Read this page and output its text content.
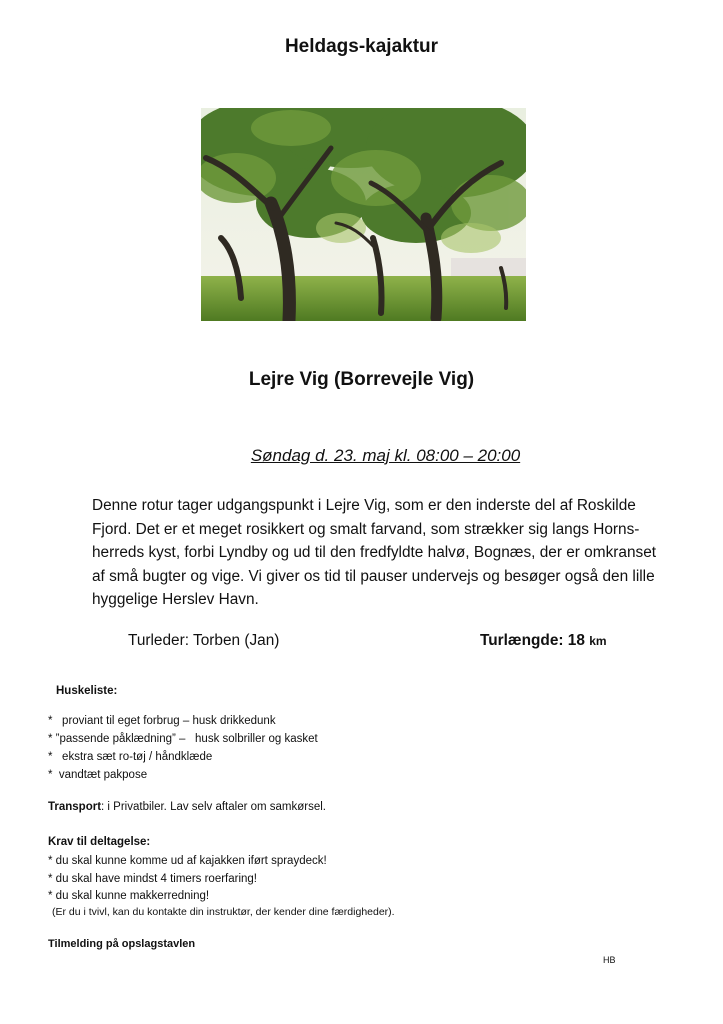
Heldags-kajaktur
Lejre Vig (Borrevejle Vig)
Søndag d. 23. maj kl. 08:00 – 20:00
Denne rotur tager udgangspunkt i Lejre Vig, som er den inderste del af Roskilde
Fjord. Det er et meget rosikkert og smalt farvand, som strækker sig langs Horns-
herreds kyst, forbi Lyndby og ud til den fredfyldte halvø, Bognæs, der er omkranset
af små bugter og vige. Vi giver os tid til pauser undervejs og besøger også den lille
hyggelige Herslev Havn.
Turleder: Torben (Jan)	Turlængde: 18 km
Huskeliste:
*   proviant til eget forbrug – husk drikkedunk
* ”passende påklædning” –   husk solbriller og kasket
*   ekstra sæt ro-tøj / håndklæde
*  vandtæt pakpose
Transport: i Privatbiler. Lav selv aftaler om samkørsel.
Krav til deltagelse:
* du skal kunne komme ud af kajakken iført spraydeck!
* du skal have mindst 4 timers roerfaring!
* du skal kunne makkerredning!
(Er du i tvivl, kan du kontakte din instruktør, der kender dine færdigheder).
Tilmelding på opslagstavlen
HB
